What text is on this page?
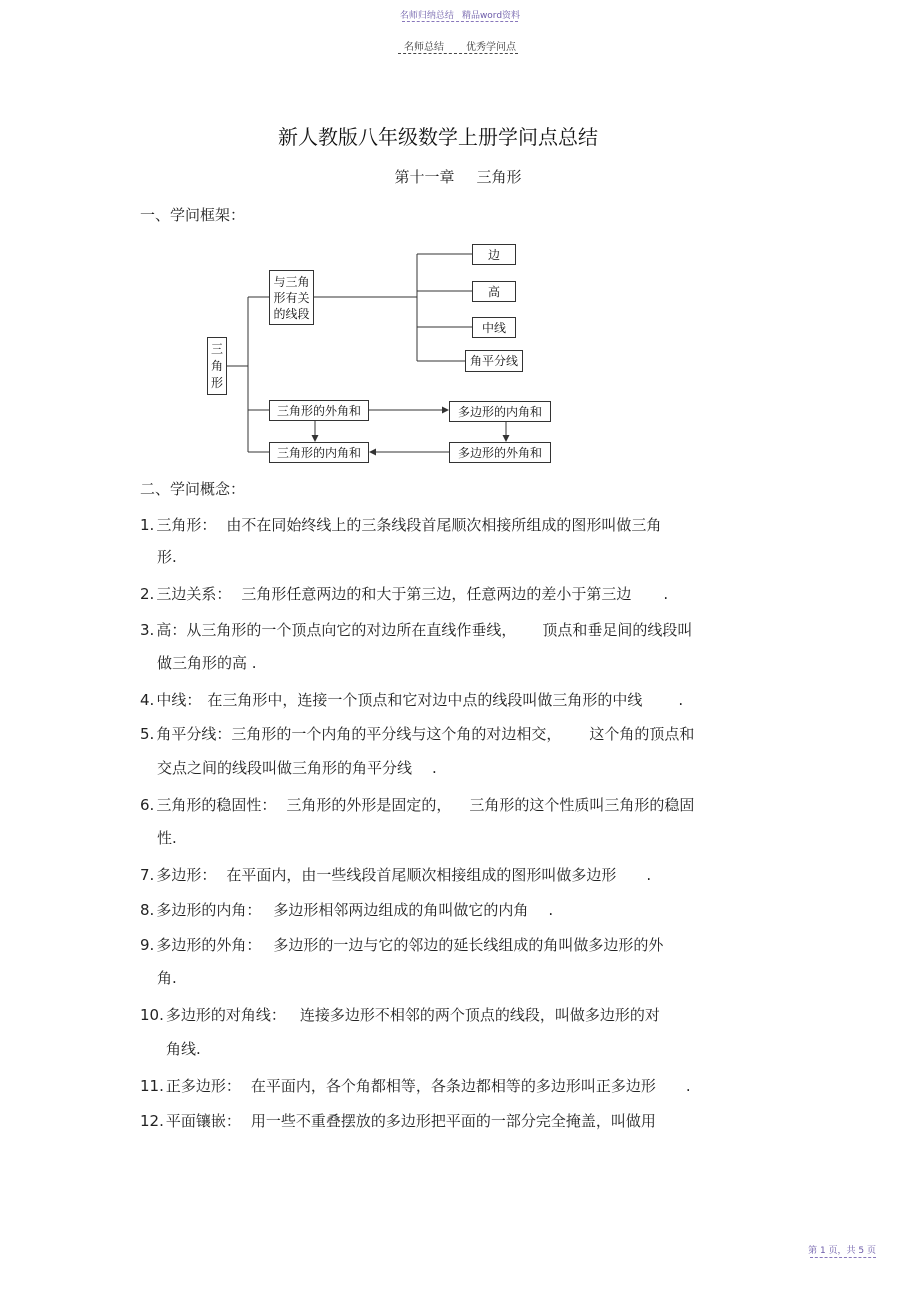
名师归纳总结 精品word资料
名师总结 优秀学问点
新人教版八年级数学上册学问点总结
第十一章 三角形
一、学问框架：
三
角
形
与三角
形有关
的线段
边
高
中线
角平分线
三角形的外角和
三角形的内角和
多边形的内角和
多边形的外角和
二、学问概念：
1. 三角形： 由不在同始终线上的三条线段首尾顺次相接所组成的图形叫做三角
形.
2. 三边关系： 三角形任意两边的和大于第三边，任意两边的差小于第三边 .
3. 高：从三角形的一个顶点向它的对边所在直线作垂线， 顶点和垂足间的线段叫
做三角形的高 .
4. 中线： 在三角形中，连接一个顶点和它对边中点的线段叫做三角形的中线 .
5. 角平分线：三角形的一个内角的平分线与这个角的对边相交， 这个角的顶点和
交点之间的线段叫做三角形的角平分线 .
6. 三角形的稳固性： 三角形的外形是固定的， 三角形的这个性质叫三角形的稳固
性.
7. 多边形： 在平面内，由一些线段首尾顺次相接组成的图形叫做多边形 .
8. 多边形的内角： 多边形相邻两边组成的角叫做它的内角 .
9. 多边形的外角： 多边形的一边与它的邻边的延长线组成的角叫做多边形的外
角.
10. 多边形的对角线： 连接多边形不相邻的两个顶点的线段，叫做多边形的对
角线.
11. 正多边形： 在平面内，各个角都相等，各条边都相等的多边形叫正多边形 .
12. 平面镶嵌： 用一些不重叠摆放的多边形把平面的一部分完全掩盖，叫做用
第 1 页，共 5 页
